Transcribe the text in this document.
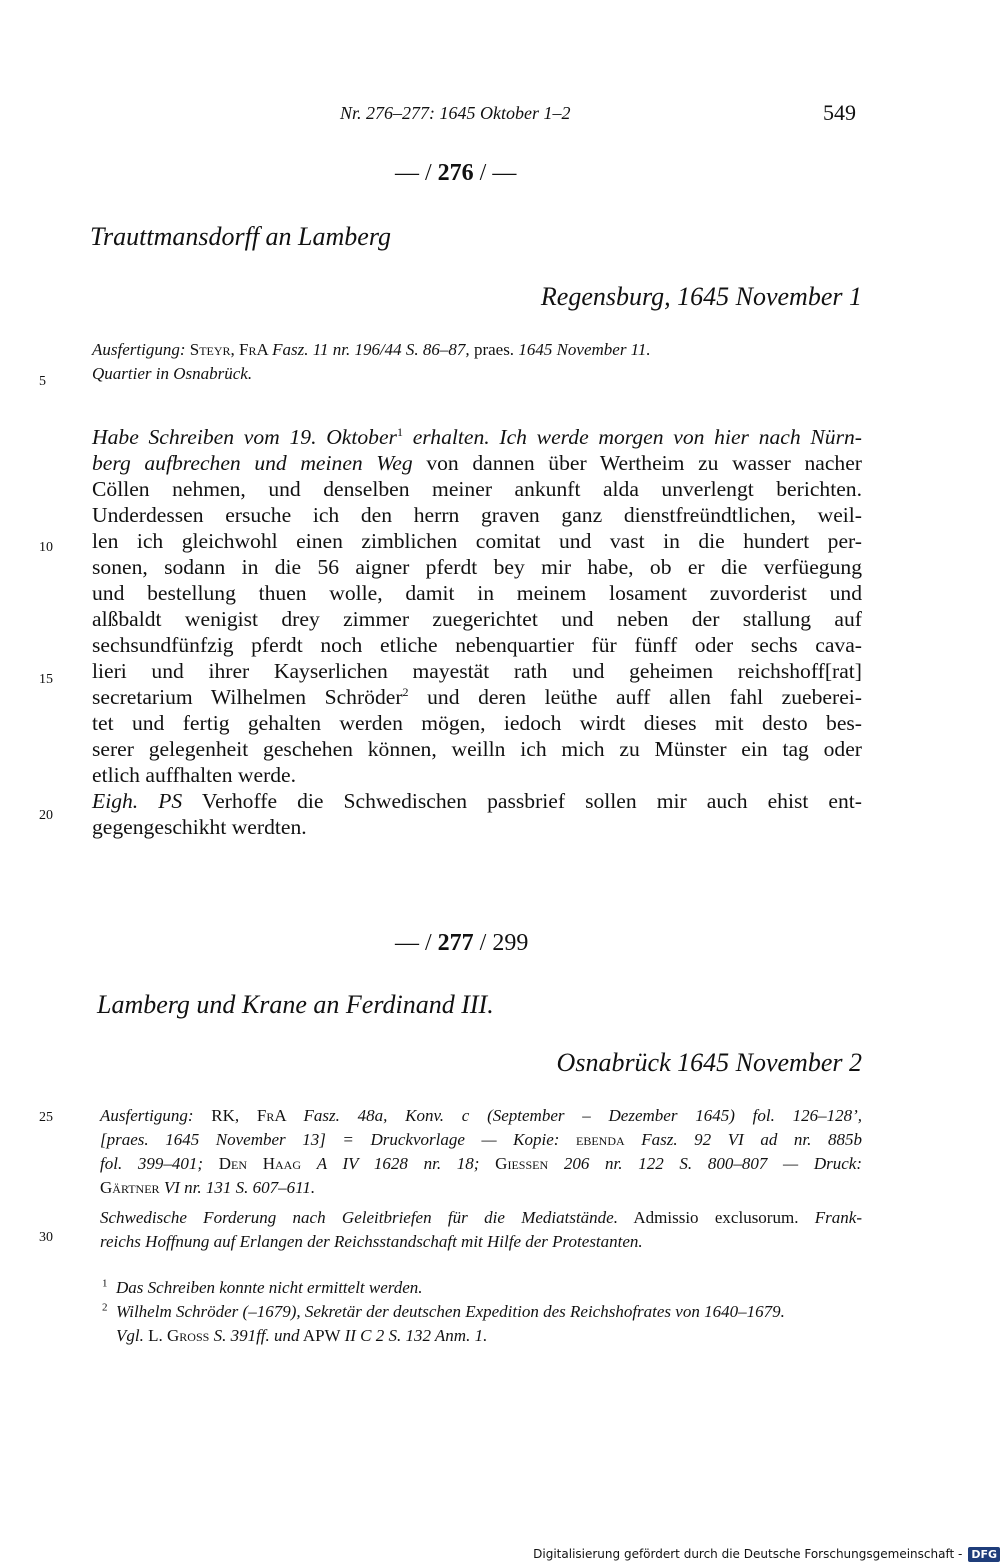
Nr. 276–277: 1645 Oktober 1–2	549
— / 276 / —
Trauttmansdorff an Lamberg
Regensburg, 1645 November 1
Ausfertigung: Steyr, FrA Fasz. 11 nr. 196/44 S. 86–87, praes. 1645 November 11.
Quartier in Osnabrück.
Habe Schreiben vom 19. Oktober$^1$ erhalten. Ich werde morgen von hier nach Nürn-
berg aufbrechen und meinen Weg von dannen über Wertheim zu wasser nacher
Cöllen nehmen, und denselben meiner ankunft alda unverlengt berichten.
Underdessen ersuche ich den herrn graven ganz dienstfreündtlichen, weil-
len ich gleichwohl einen zimblichen comitat und vast in die hundert per-
sonen, sodann in die 56 aigner pferdt bey mir habe, ob er die verfüegung
und bestellung thuen wolle, damit in meinem losament zuvorderist und
alßbaldt wenigist drey zimmer zuegerichtet und neben der stallung auf
sechsundfünfzig pferdt noch etliche nebenquartier für fünff oder sechs cava-
lieri und ihrer Kayserlichen mayestät rath und geheimen reichshoff[rat]
secretarium Wilhelmen Schröder$^2$ und deren leüthe auff allen fahl zueberei-
tet und fertig gehalten werden mögen, iedoch wirdt dieses mit desto bes-
serer gelegenheit geschehen können, weilln ich mich zu Münster ein tag oder
etlich auffhalten werde.
Eigh. PS Verhoffe die Schwedischen passbrief sollen mir auch ehist ent-
gegengeschikht werdten.
— / 277 / 299
Lamberg und Krane an Ferdinand III.
Osnabrück 1645 November 2
Ausfertigung: RK, FrA Fasz. 48a, Konv. c (September – Dezember 1645) fol. 126–128’,
[praes. 1645 November 13] = Druckvorlage — Kopie: ebenda Fasz. 92 VI ad nr. 885b
fol. 399–401; Den Haag A IV 1628 nr. 18; Giessen 206 nr. 122 S. 800–807 — Druck:
Gärtner VI nr. 131 S. 607–611.
Schwedische Forderung nach Geleitbriefen für die Mediatstände. Admissio exclusorum. Frank-
reichs Hoffnung auf Erlangen der Reichsstandschaft mit Hilfe der Protestanten.
5
10
15
20
25
30
$^1$ Das Schreiben konnte nicht ermittelt werden.
$^2$ Wilhelm Schröder (–1679), Sekretär der deutschen Expedition des Reichshofrates von 1640–1679.
Vgl. L. Gross S. 391ff. und APW II C 2 S. 132 Anm. 1.
Digitalisierung gefördert durch die Deutsche Forschungsgemeinschaft - DFG
